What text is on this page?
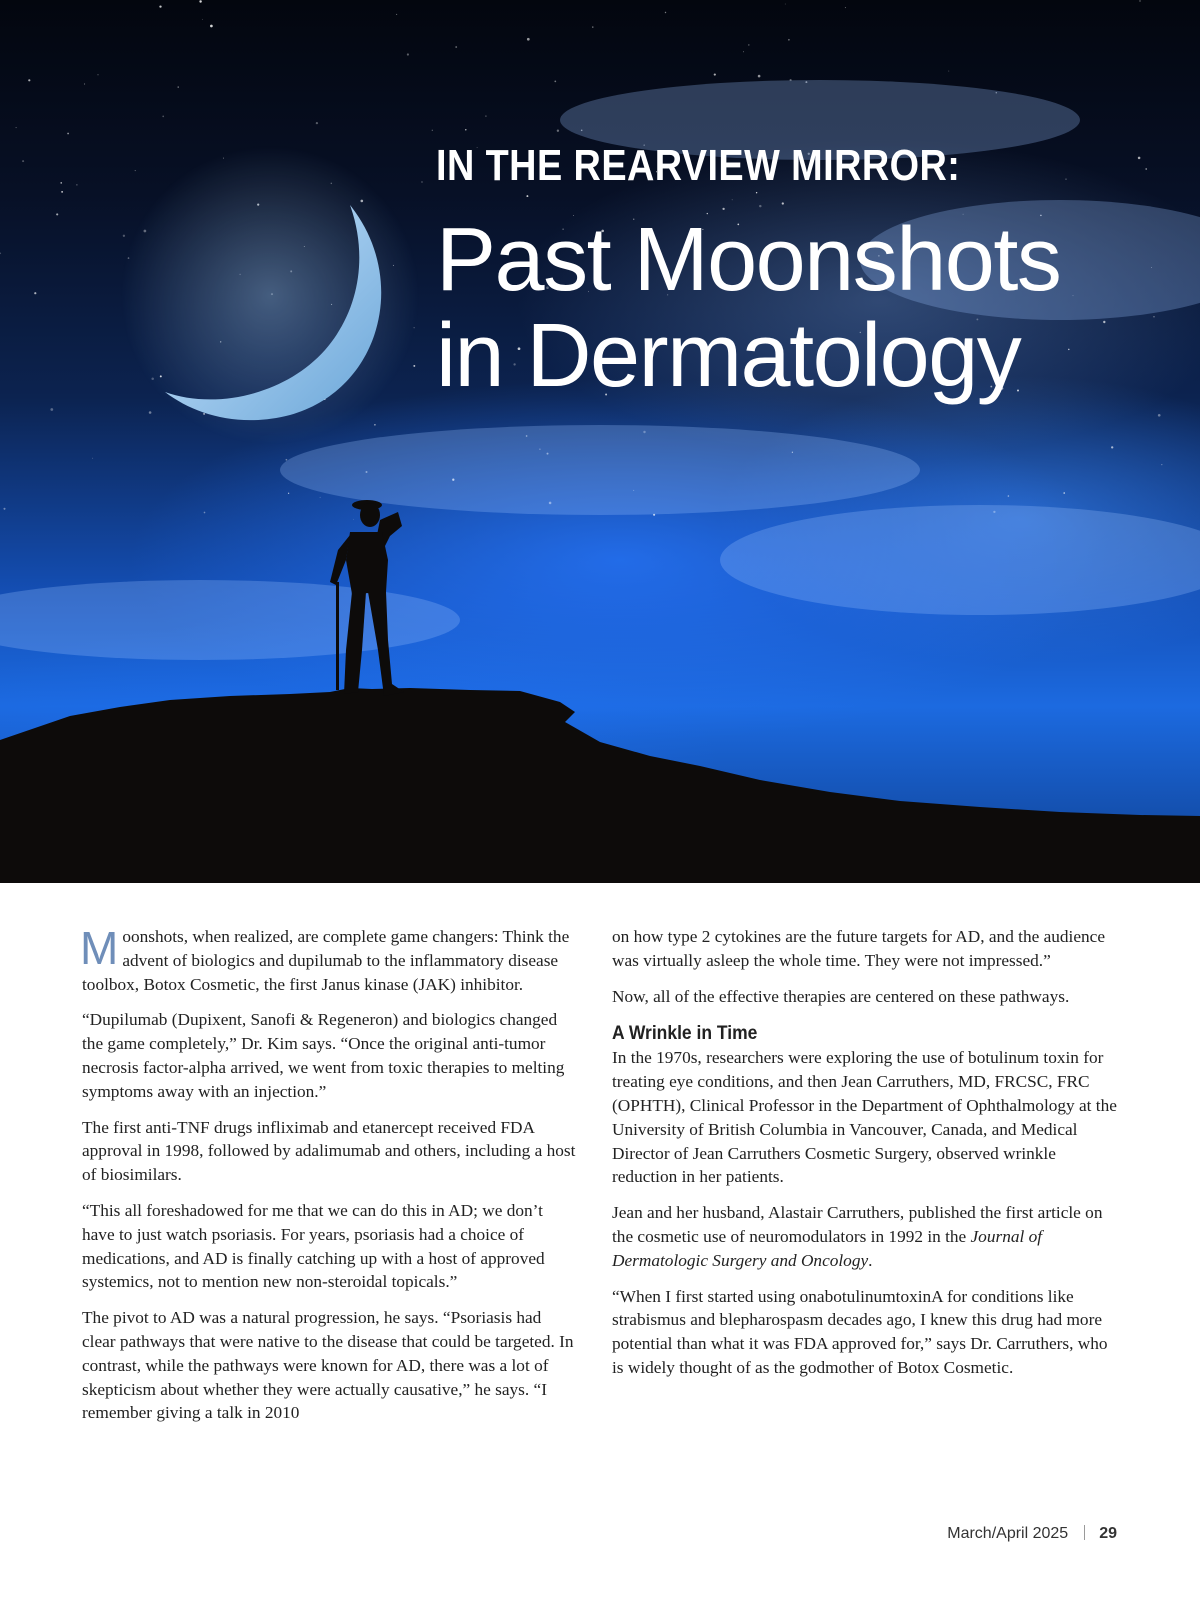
IN THE REARVIEW MIRROR:
Past Moonshots
in Dermatology

Moonshots, when realized, are complete game changers: Think the advent of biologics and dupilumab to the inflammatory disease toolbox, Botox Cosmetic, the first Janus kinase (JAK) inhibitor.

“Dupilumab (Dupixent, Sanofi & Regeneron) and biologics changed the game completely,” Dr. Kim says. “Once the original anti-tumor necrosis factor-alpha arrived, we went from toxic therapies to melting symptoms away with an injection.”

The first anti-TNF drugs infliximab and etanercept received FDA approval in 1998, followed by adalimumab and others, including a host of biosimilars.

“This all foreshadowed for me that we can do this in AD; we don’t have to just watch psoriasis. For years, psoriasis had a choice of medications, and AD is finally catching up with a host of approved systemics, not to mention new non-steroidal topicals.”

The pivot to AD was a natural progression, he says. “Psoriasis had clear pathways that were native to the disease that could be targeted. In contrast, while the pathways were known for AD, there was a lot of skepticism about whether they were actually causative,” he says. “I remember giving a talk in 2010

on how type 2 cytokines are the future targets for AD, and the audience was virtually asleep the whole time. They were not impressed.”

Now, all of the effective therapies are centered on these pathways.

A Wrinkle in Time

In the 1970s, researchers were exploring the use of botulinum toxin for treating eye conditions, and then Jean Carruthers, MD, FRCSC, FRC (OPHTH), Clinical Professor in the Department of Ophthalmology at the University of British Columbia in Vancouver, Canada, and Medical Director of Jean Carruthers Cosmetic Surgery, observed wrinkle reduction in her patients.

Jean and her husband, Alastair Carruthers, published the first article on the cosmetic use of neuromodulators in 1992 in the Journal of Dermatologic Surgery and Oncology.

“When I first started using onabotulinumtoxinA for conditions like strabismus and blepharospasm decades ago, I knew this drug had more potential than what it was FDA approved for,” says Dr. Carruthers, who is widely thought of as the godmother of Botox Cosmetic.

March/April 2025 29
